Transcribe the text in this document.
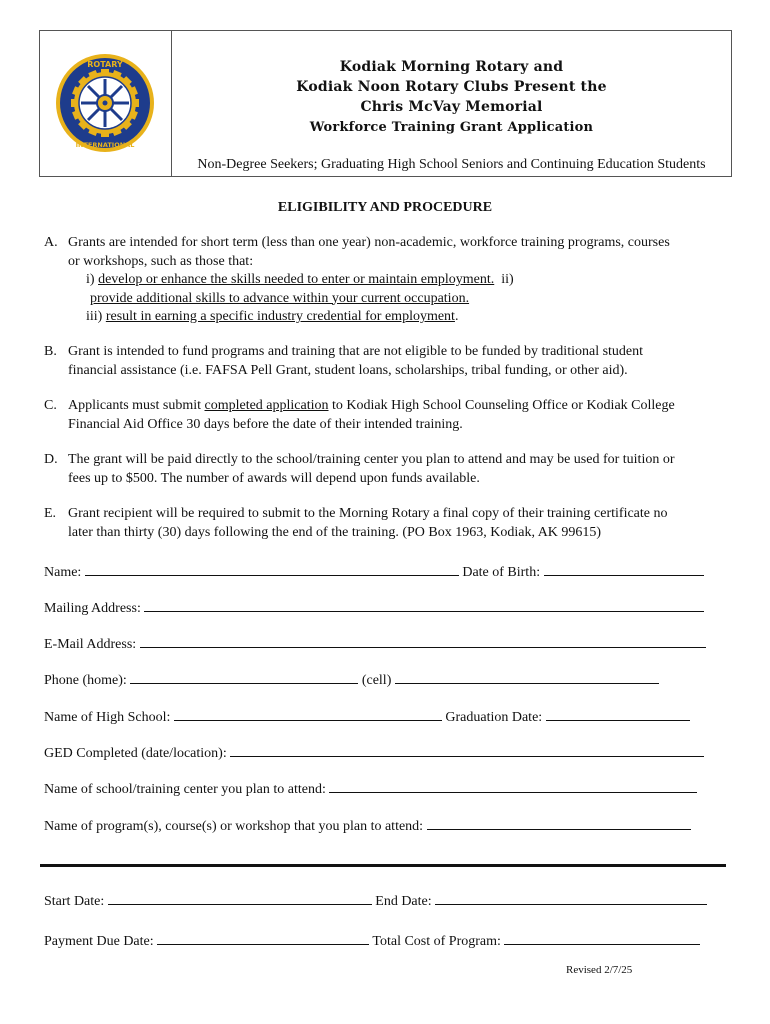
ROTARY
INTERNATIONAL
Kodiak Morning Rotary and
Kodiak Noon Rotary Clubs Present the
Chris McVay Memorial
Workforce Training Grant Application
Non-Degree Seekers; Graduating High School Seniors and Continuing Education Students
ELIGIBILITY AND PROCEDURE
A. Grants are intended for short term (less than one year) non-academic, workforce training programs, courses
or workshops, such as those that:
i) develop or enhance the skills needed to enter or maintain employment.  ii)
provide additional skills to advance within your current occupation.
iii) result in earning a specific industry credential for employment.
B. Grant is intended to fund programs and training that are not eligible to be funded by traditional student
financial assistance (i.e. FAFSA Pell Grant, student loans, scholarships, tribal funding, or other aid).
C. Applicants must submit completed application to Kodiak High School Counseling Office or Kodiak College
Financial Aid Office 30 days before the date of their intended training.
D. The grant will be paid directly to the school/training center you plan to attend and may be used for tuition or
fees up to $500. The number of awards will depend upon funds available.
E. Grant recipient will be required to submit to the Morning Rotary a final copy of their training certificate no
later than thirty (30) days following the end of the training. (PO Box 1963, Kodiak, AK 99615)
Name:	Date of Birth:
Mailing Address:
E-Mail Address:
Phone (home):	(cell)
Name of High School:	Graduation Date:
GED Completed (date/location):
Name of school/training center you plan to attend:
Name of program(s), course(s) or workshop that you plan to attend:
Start Date:	End Date:
Payment Due Date:	Total Cost of Program:
Revised 2/7/25
